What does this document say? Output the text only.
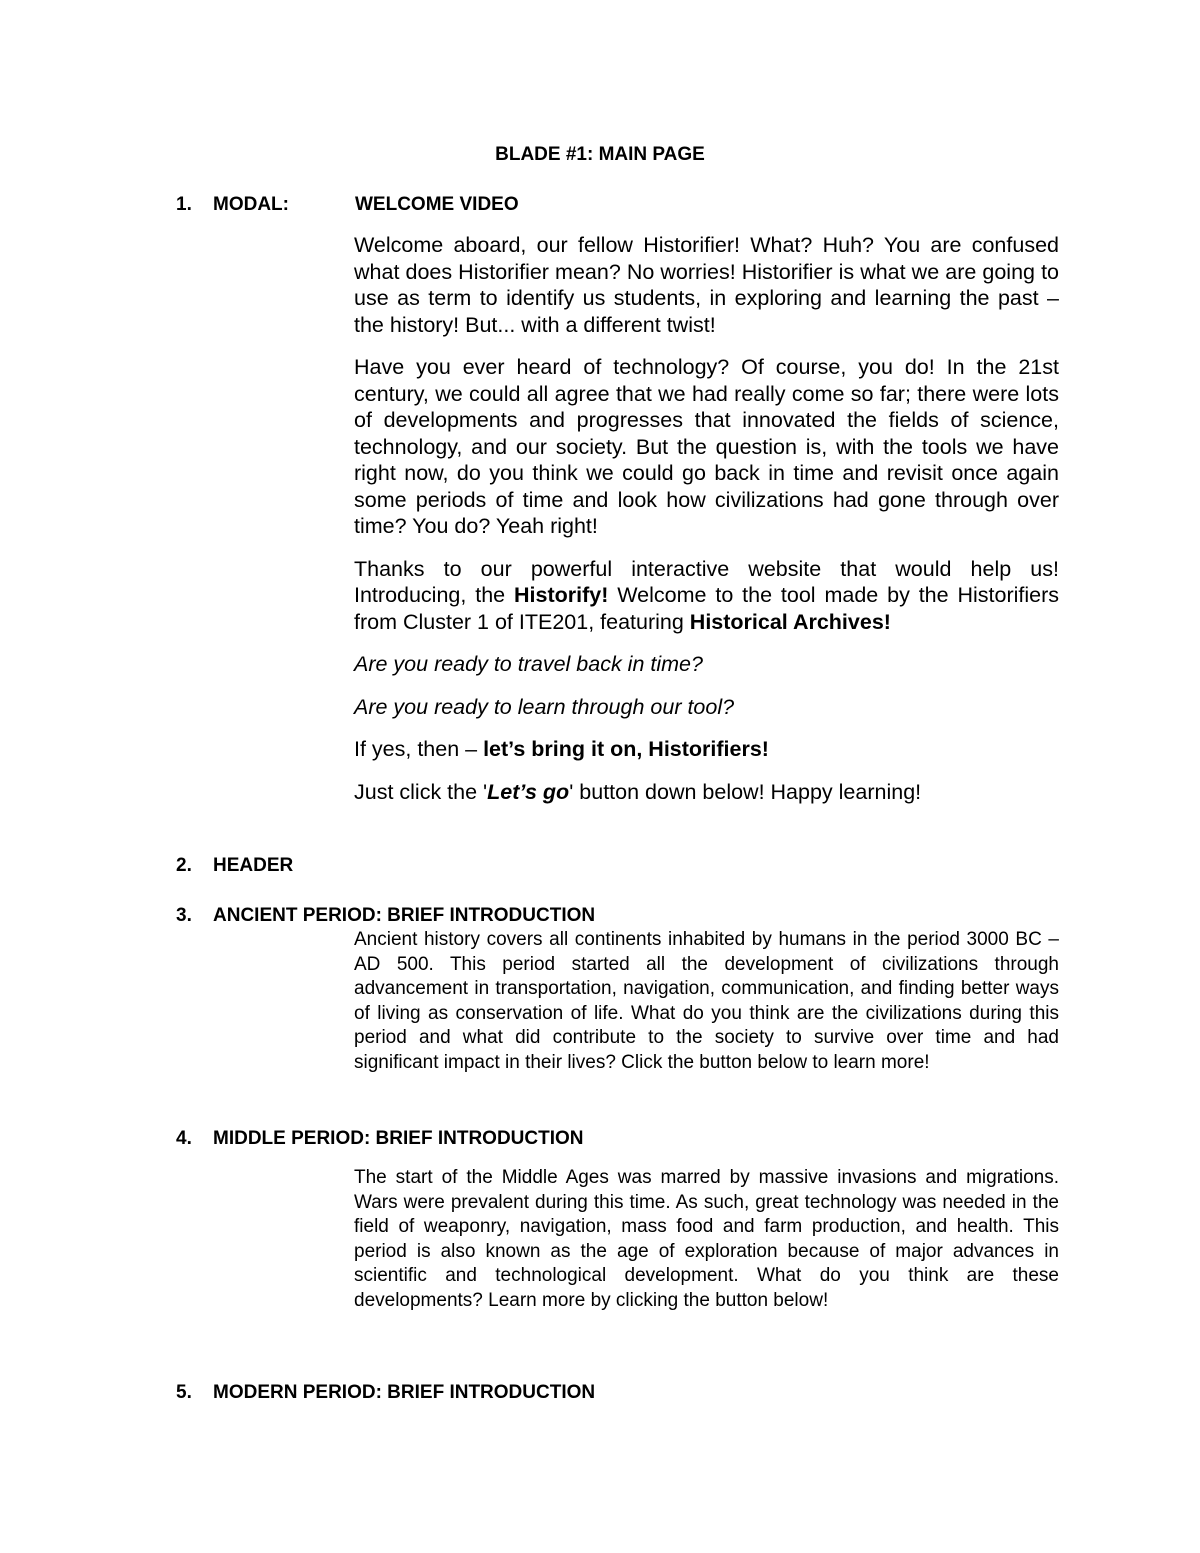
BLADE #1: MAIN PAGE
1. MODAL:	WELCOME VIDEO

Welcome aboard, our fellow Historifier! What? Huh? You are confused what does Historifier mean? No worries! Historifier is what we are going to use as term to identify us students, in exploring and learning the past – the history! But... with a different twist!

Have you ever heard of technology? Of course, you do! In the 21st century, we could all agree that we had really come so far; there were lots of developments and progresses that innovated the fields of science, technology, and our society. But the question is, with the tools we have right now, do you think we could go back in time and revisit once again some periods of time and look how civilizations had gone through over time? You do? Yeah right!

Thanks to our powerful interactive website that would help us! Introducing, the Historify! Welcome to the tool made by the Historifiers from Cluster 1 of ITE201, featuring Historical Archives!

Are you ready to travel back in time?

Are you ready to learn through our tool?

If yes, then – let’s bring it on, Historifiers!

Just click the 'Let’s go' button down below! Happy learning!

2. HEADER
3. ANCIENT PERIOD: BRIEF INTRODUCTION

Ancient history covers all continents inhabited by humans in the period 3000 BC – AD 500. This period started all the development of civilizations through advancement in transportation, navigation, communication, and finding better ways of living as conservation of life. What do you think are the civilizations during this period and what did contribute to the society to survive over time and had significant impact in their lives? Click the button below to learn more!

4. MIDDLE PERIOD: BRIEF INTRODUCTION

The start of the Middle Ages was marred by massive invasions and migrations. Wars were prevalent during this time. As such, great technology was needed in the field of weaponry, navigation, mass food and farm production, and health. This period is also known as the age of exploration because of major advances in scientific and technological development. What do you think are these developments? Learn more by clicking the button below!

5. MODERN PERIOD: BRIEF INTRODUCTION
